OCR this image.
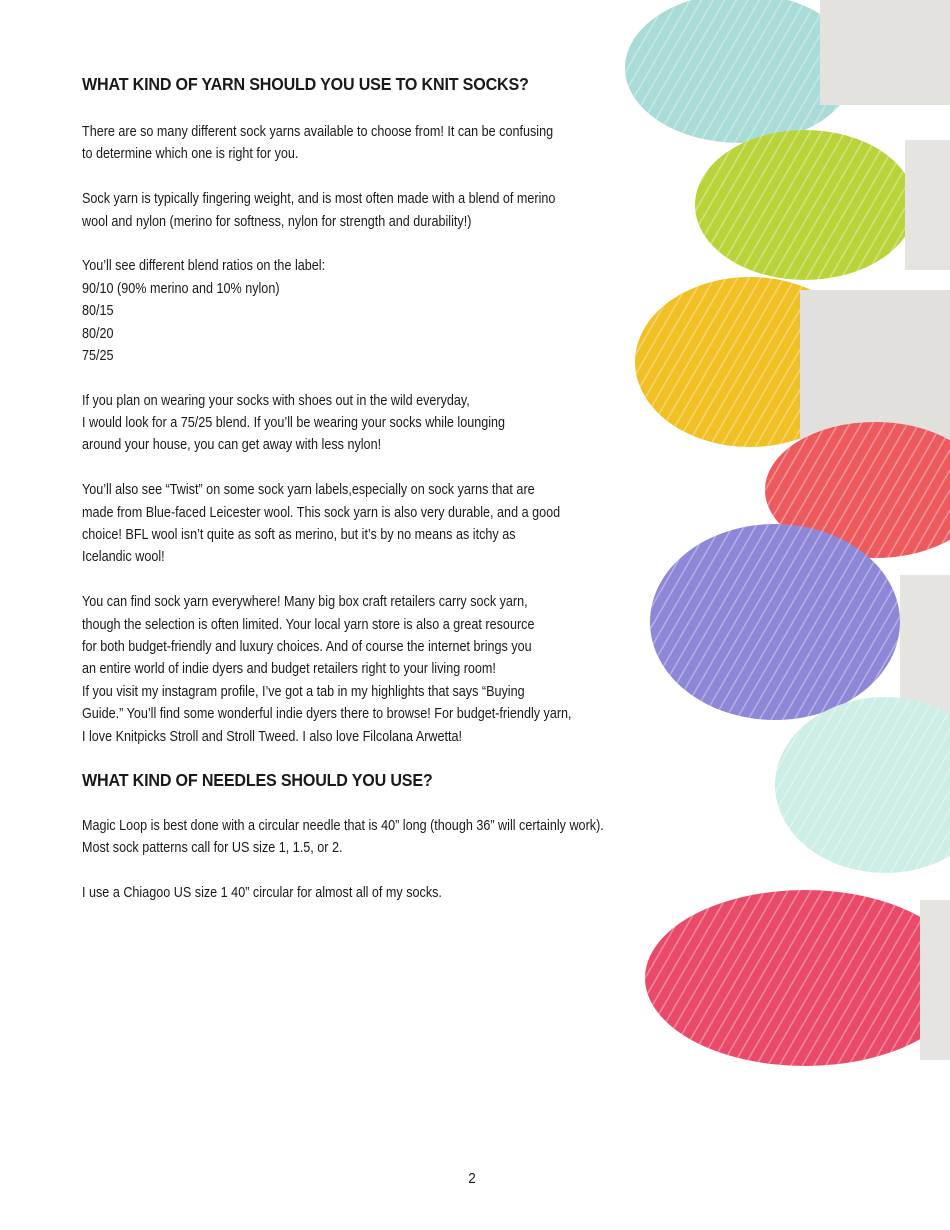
WHAT KIND OF YARN SHOULD YOU USE TO KNIT SOCKS?
There are so many different sock yarns available to choose from! It can be confusing
to determine which one is right for you.
Sock yarn is typically fingering weight, and is most often made with a blend of merino
wool and nylon (merino for softness, nylon for strength and durability!)
You’ll see different blend ratios on the label:
90/10 (90% merino and 10% nylon)
80/15
80/20
75/25
If you plan on wearing your socks with shoes out in the wild everyday,
I would look for a 75/25 blend. If you’ll be wearing your socks while lounging
around your house, you can get away with less nylon!
You’ll also see “Twist” on some sock yarn labels,especially on sock yarns that are
made from Blue-faced Leicester wool. This sock yarn is also very durable, and a good
choice! BFL wool isn’t quite as soft as merino, but it’s by no means as itchy as
Icelandic wool!
You can find sock yarn everywhere! Many big box craft retailers carry sock yarn,
though the selection is often limited. Your local yarn store is also a great resource
for both budget-friendly and luxury choices. And of course the internet brings you
an entire world of indie dyers and budget retailers right to your living room!
If you visit my instagram profile, I’ve got a tab in my highlights that says “Buying
Guide.” You’ll find some wonderful indie dyers there to browse! For budget-friendly yarn,
I love Knitpicks Stroll and Stroll Tweed. I also love Filcolana Arwetta!
WHAT KIND OF NEEDLES SHOULD YOU USE?
Magic Loop is best done with a circular needle that is 40” long (though 36” will certainly work).
Most sock patterns call for US size 1, 1.5, or 2.
I use a Chiagoo US size 1 40” circular for almost all of my socks.
2
